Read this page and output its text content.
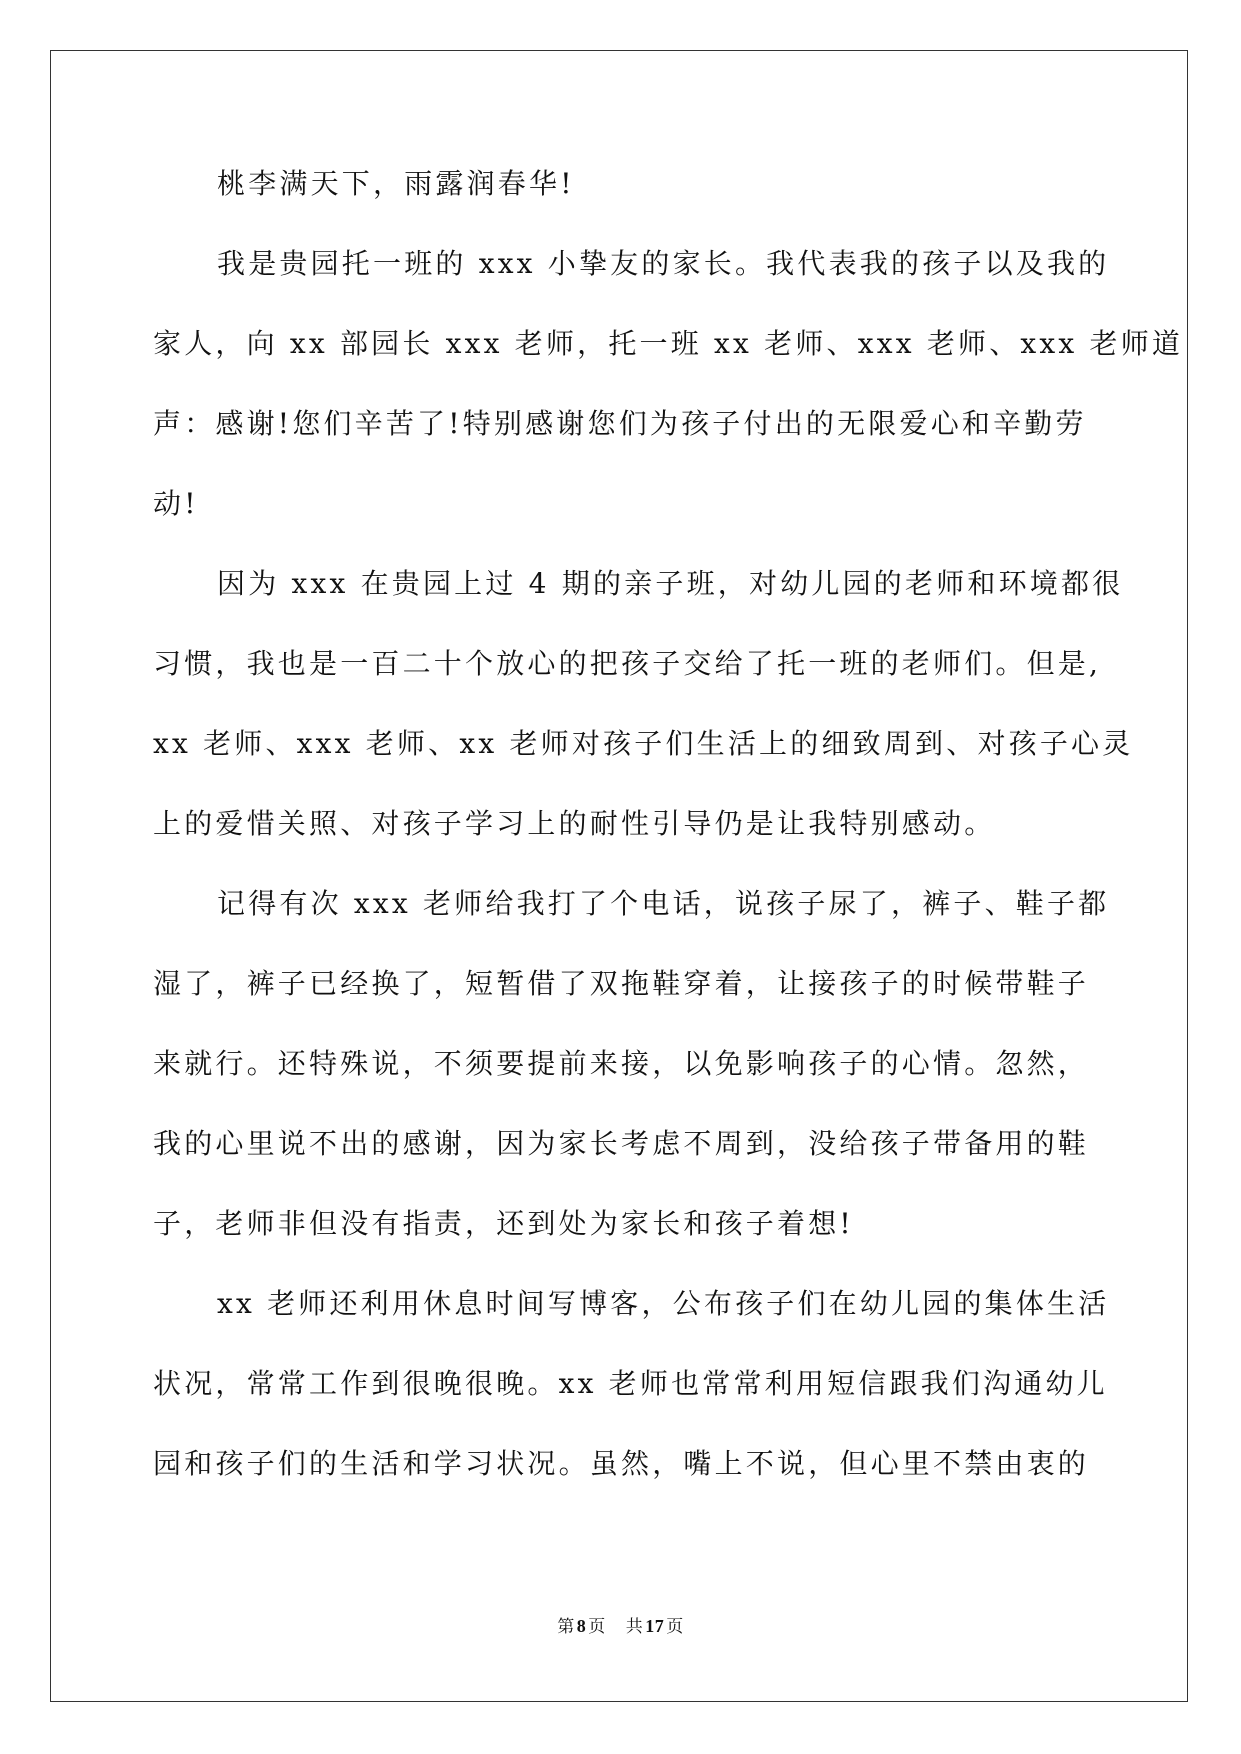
桃李满天下，雨露润春华!
我是贵园托一班的 xxx 小挚友的家长。我代表我的孩子以及我的
家人，向 xx 部园长 xxx 老师，托一班 xx 老师、xxx 老师、xxx 老师道
声：感谢!您们辛苦了!特别感谢您们为孩子付出的无限爱心和辛勤劳
动!
因为 xxx 在贵园上过 4 期的亲子班，对幼儿园的老师和环境都很
习惯，我也是一百二十个放心的把孩子交给了托一班的老师们。但是,
xx 老师、xxx 老师、xx 老师对孩子们生活上的细致周到、对孩子心灵
上的爱惜关照、对孩子学习上的耐性引导仍是让我特别感动。
记得有次 xxx 老师给我打了个电话，说孩子尿了，裤子、鞋子都
湿了，裤子已经换了，短暂借了双拖鞋穿着，让接孩子的时候带鞋子
来就行。还特殊说，不须要提前来接，以免影响孩子的心情。忽然，
我的心里说不出的感谢，因为家长考虑不周到，没给孩子带备用的鞋
子，老师非但没有指责，还到处为家长和孩子着想!
xx 老师还利用休息时间写博客，公布孩子们在幼儿园的集体生活
状况，常常工作到很晚很晚。xx 老师也常常利用短信跟我们沟通幼儿
园和孩子们的生活和学习状况。虽然，嘴上不说，但心里不禁由衷的
第 8 页 共 17 页
